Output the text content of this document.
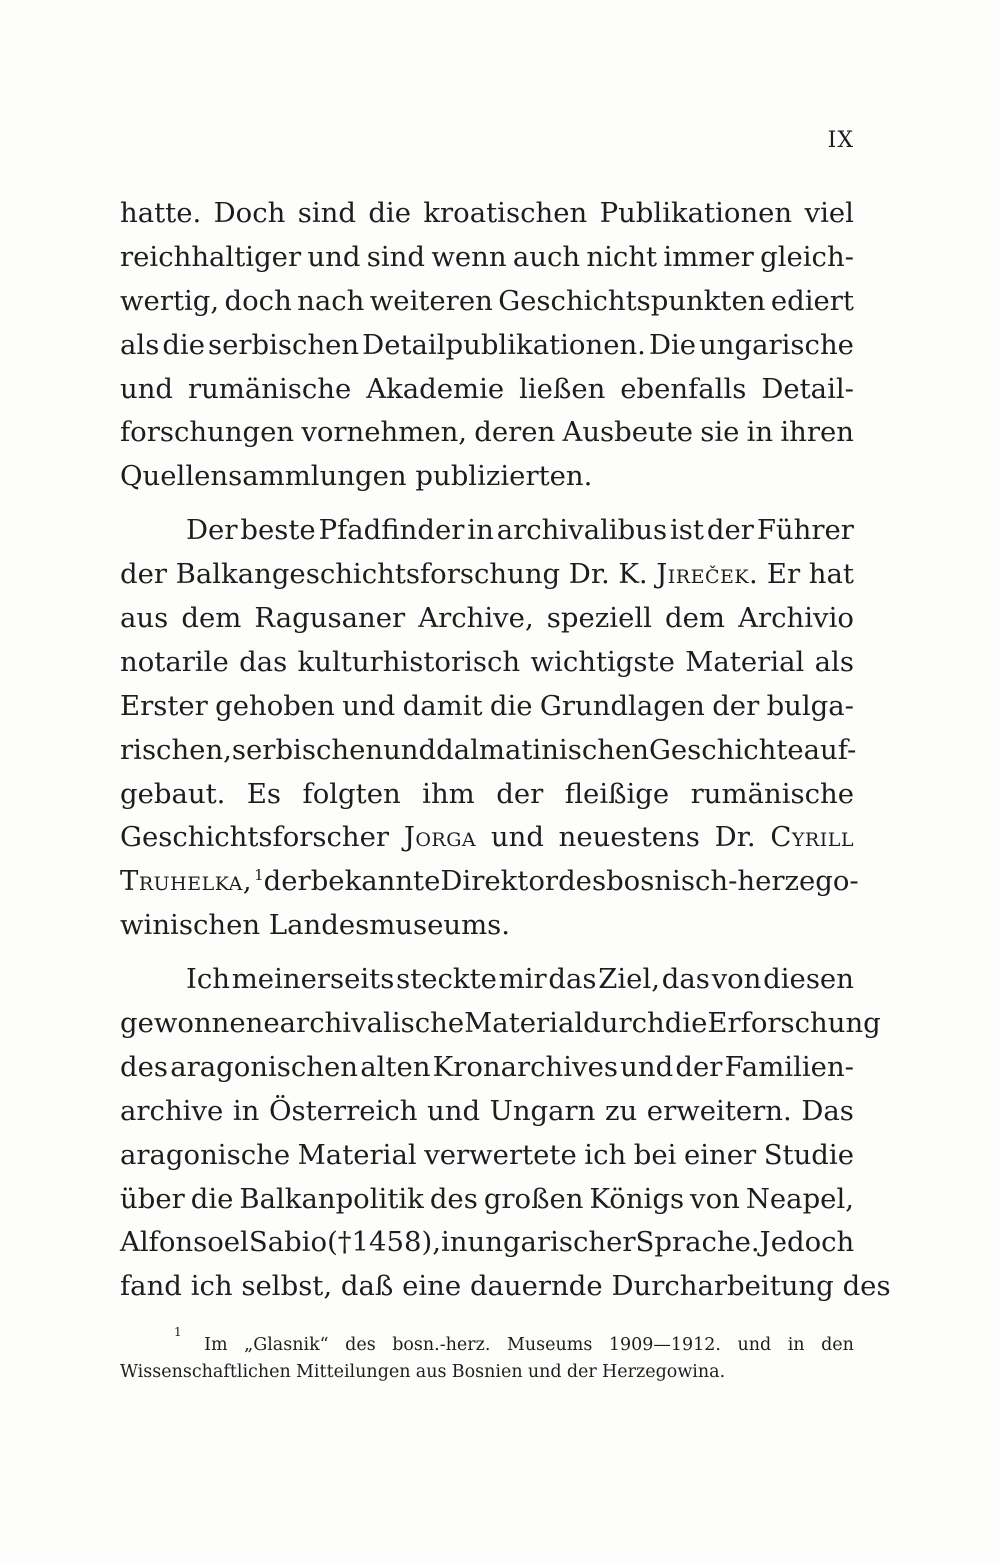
IX
hatte. Doch sind die kroatischen Publikationen viel
reichhaltiger und sind wenn auch nicht immer gleich-
wertig, doch nach weiteren Geschichtspunkten ediert
als die serbischen Detailpublikationen. Die ungarische
und rumänische Akademie ließen ebenfalls Detail-
forschungen vornehmen, deren Ausbeute sie in ihren
Quellensammlungen publizierten.
Der beste Pfadfinder in archivalibus ist der Führer
der Balkangeschichtsforschung Dr. K. Jireček. Er hat
aus dem Ragusaner Archive, speziell dem Archivio
notarile das kulturhistorisch wichtigste Material als
Erster gehoben und damit die Grundlagen der bulga-
rischen, serbischen und dalmatinischen Geschichte auf-
gebaut. Es folgten ihm der fleißige rumänische
Geschichtsforscher Jorga und neuestens Dr. Cyrill
Truhelka, $^1$ der bekannte Direktor des bosnisch-herzego-
winischen Landesmuseums.
Ich meinerseits steckte mir das Ziel, das von diesen
gewonnene archivalische Material durch die Erforschung
des aragonischen alten Kronarchives und der Familien-
archive in Österreich und Ungarn zu erweitern. Das
aragonische Material verwertete ich bei einer Studie
über die Balkanpolitik des großen Königs von Neapel,
Alfonso el Sabio († 1458), in ungarischer Sprache. Jedoch
fand ich selbst, daß eine dauernde Durcharbeitung des
1
Im „Glasnik“ des bosn.-herz. Museums 1909—1912. und in den
Wissenschaftlichen Mitteilungen aus Bosnien und der Herzegowina.
